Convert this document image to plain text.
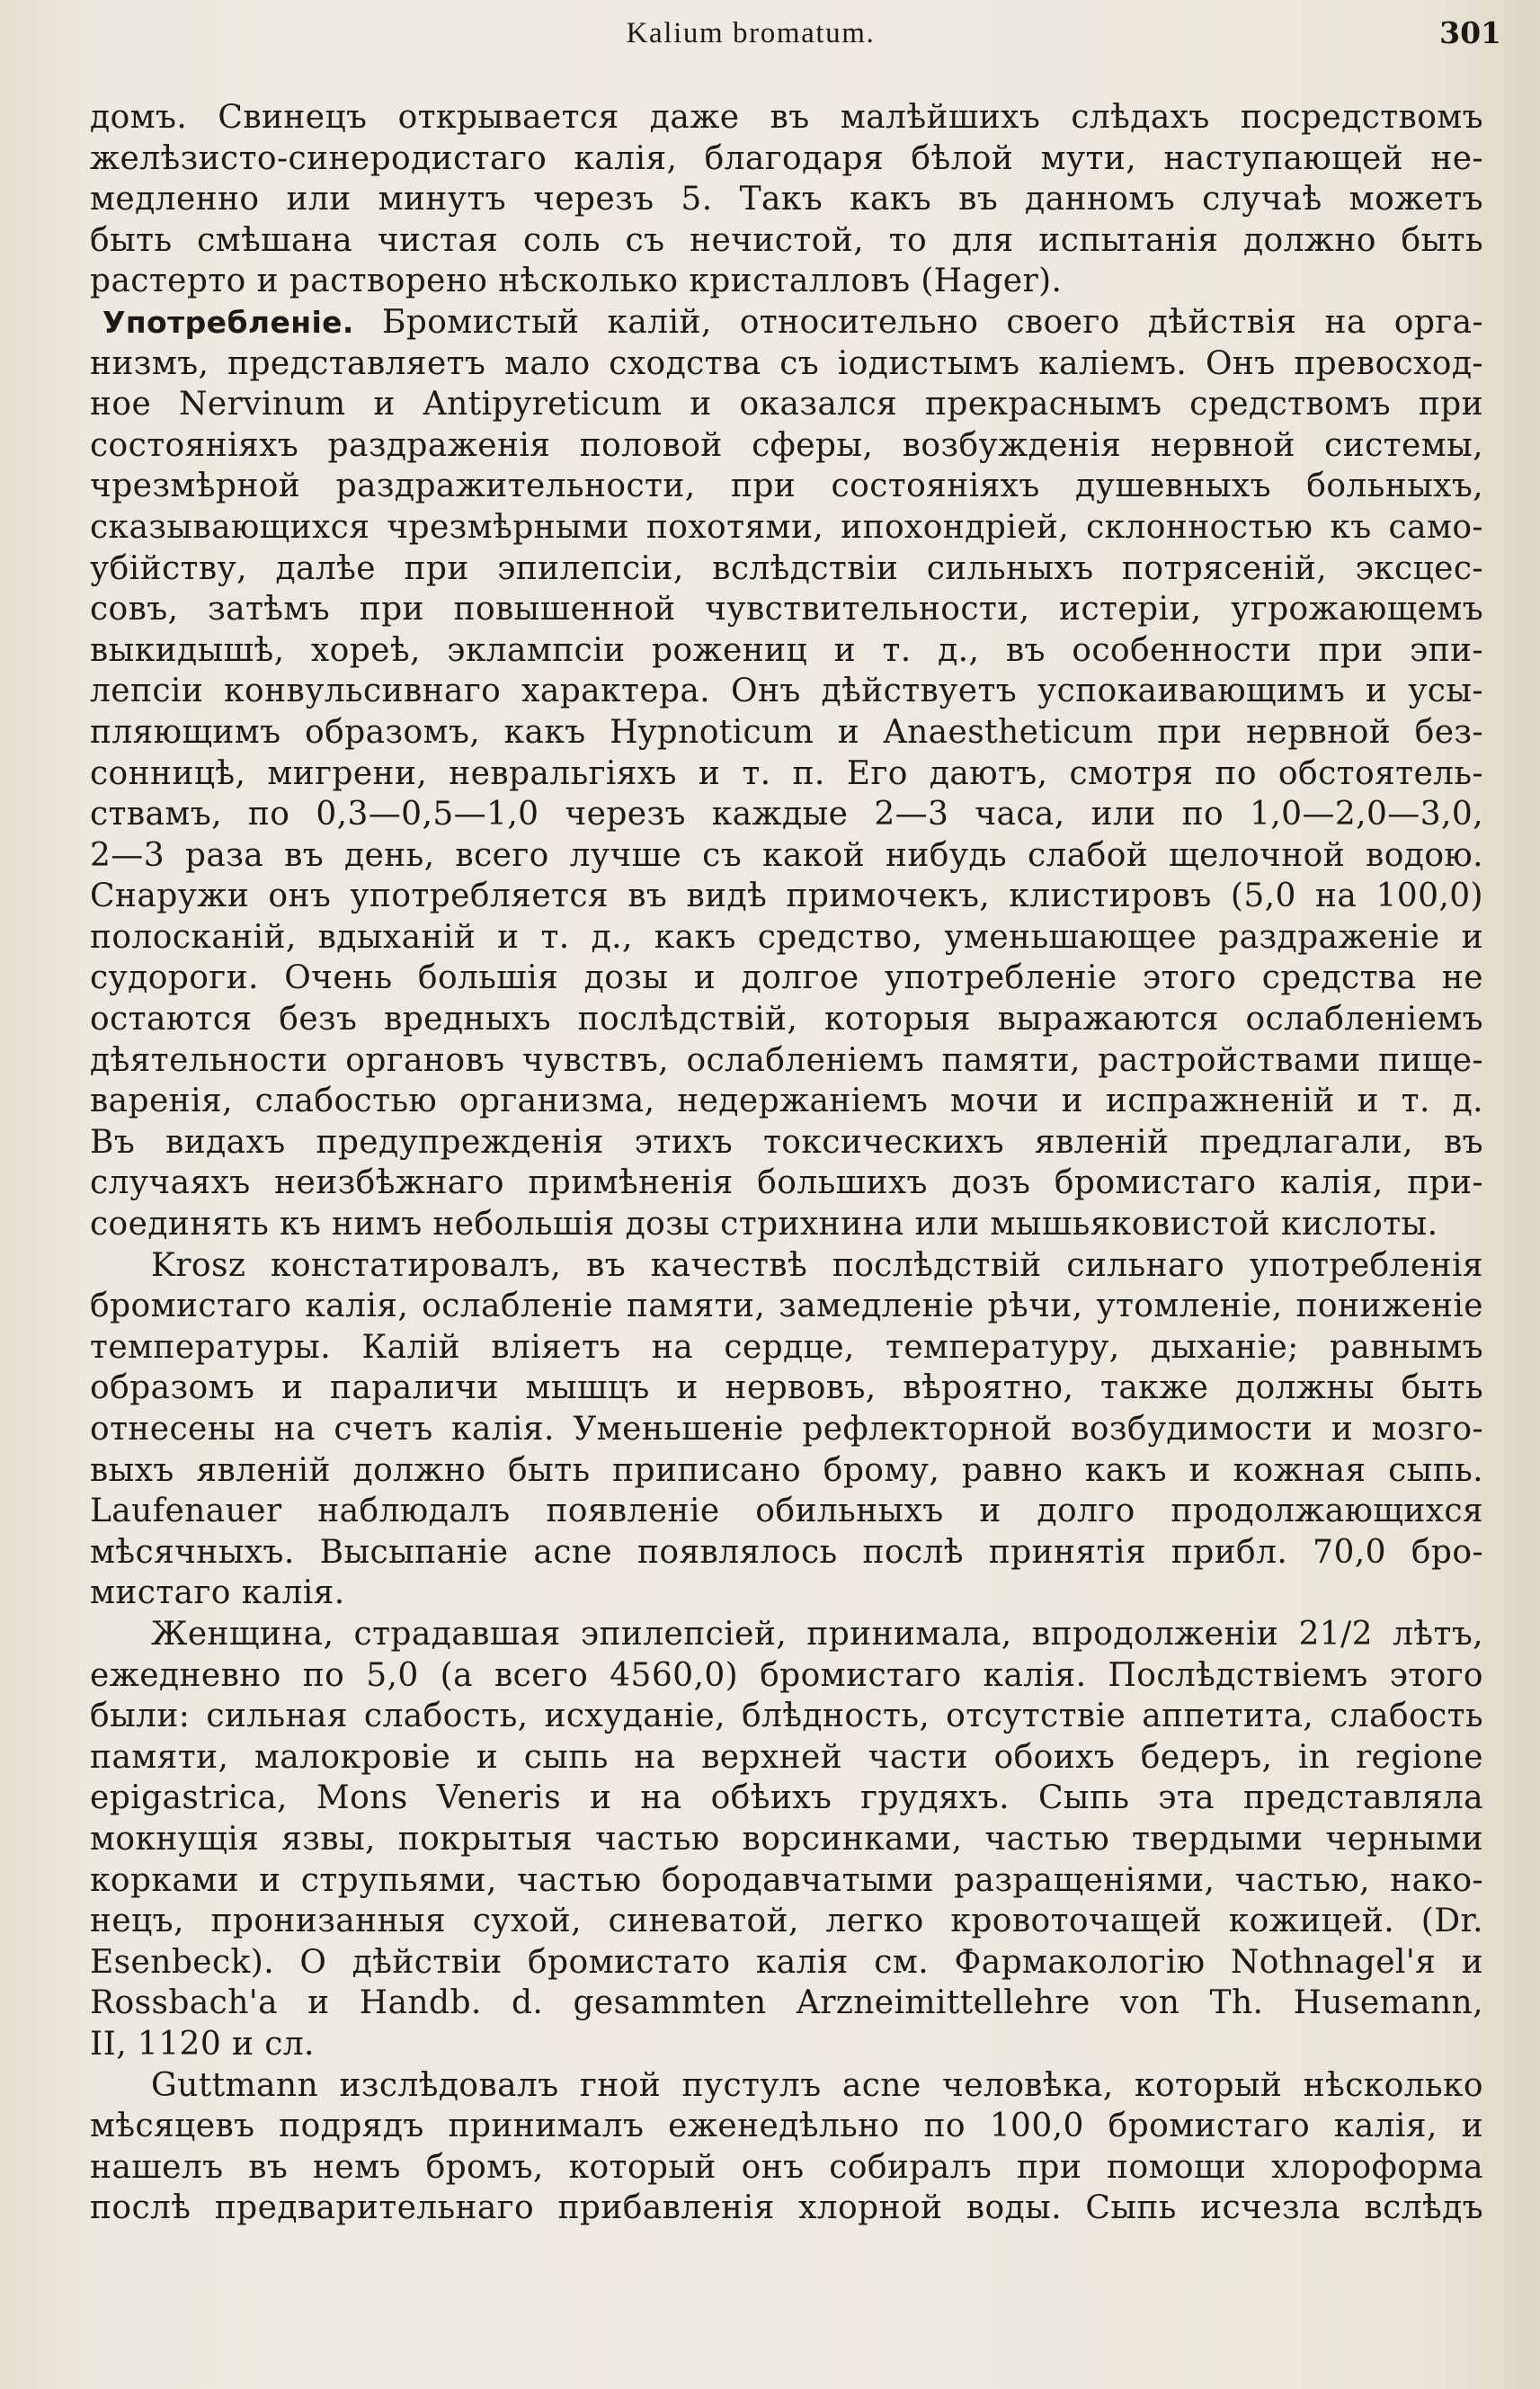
Kalium bromatum.	301
домъ. Свинецъ открывается даже въ малѣйшихъ слѣдахъ посредствомъ
желѣзисто-синеродистаго калія, благодаря бѣлой мути, наступающей не-
медленно или минутъ черезъ 5. Такъ какъ въ данномъ случаѣ можетъ
быть смѣшана чистая соль съ нечистой, то для испытанія должно быть
растерто и растворено нѣсколько кристалловъ (Hager).
Употребленіе. Бромистый калій, относительно своего дѣйствія на орга-
низмъ, представляетъ мало сходства съ іодистымъ каліемъ. Онъ превосход-
ное Nervinum и Antipyreticum и оказался прекраснымъ средствомъ при
состояніяхъ раздраженія половой сферы, возбужденія нервной системы,
чрезмѣрной раздражительности, при состояніяхъ душевныхъ больныхъ,
сказывающихся чрезмѣрными похотями, ипохондріей, склонностью къ само-
убійству, далѣе при эпилепсіи, вслѣдствіи сильныхъ потрясеній, эксцес-
совъ, затѣмъ при повышенной чувствительности, истеріи, угрожающемъ
выкидышѣ, хореѣ, эклампсіи рожениц и т. д., въ особенности при эпи-
лепсіи конвульсивнаго характера. Онъ дѣйствуетъ успокаивающимъ и усы-
пляющимъ образомъ, какъ Hypnoticum и Anaestheticum при нервной без-
сонницѣ, мигрени, невральгіяхъ и т. п. Его даютъ, смотря по обстоятель-
ствамъ, по 0,3—0,5—1,0 черезъ каждые 2—3 часа, или по 1,0—2,0—3,0,
2—3 раза въ день, всего лучше съ какой нибудь слабой щелочной водою.
Снаружи онъ употребляется въ видѣ примочекъ, клистировъ (5,0 на 100,0)
полосканій, вдыханій и т. д., какъ средство, уменьшающее раздраженіе и
судороги. Очень большія дозы и долгое употребленіе этого средства не
остаются безъ вредныхъ послѣдствій, которыя выражаются ослабленіемъ
дѣятельности органовъ чувствъ, ослабленіемъ памяти, растройствами пище-
варенія, слабостью организма, недержаніемъ мочи и испражненій и т. д.
Въ видахъ предупрежденія этихъ токсическихъ явленій предлагали, въ
случаяхъ неизбѣжнаго примѣненія большихъ дозъ бромистаго калія, при-
соединять къ нимъ небольшія дозы стрихнина или мышьяковистой кислоты.
Krosz констатировалъ, въ качествѣ послѣдствій сильнаго употребленія
бромистаго калія, ослабленіе памяти, замедленіе рѣчи, утомленіе, пониженіе
температуры. Калій вліяетъ на сердце, температуру, дыханіе; равнымъ
образомъ и параличи мышцъ и нервовъ, вѣроятно, также должны быть
отнесены на счетъ калія. Уменьшеніе рефлекторной возбудимости и мозго-
выхъ явленій должно быть приписано брому, равно какъ и кожная сыпь.
Laufenauer наблюдалъ появленіе обильныхъ и долго продолжающихся
мѣсячныхъ. Высыпаніе acne появлялось послѣ принятія прибл. 70,0 бро-
мистаго калія.
Женщина, страдавшая эпилепсіей, принимала, впродолженіи 21/2 лѣтъ,
ежедневно по 5,0 (а всего 4560,0) бромистаго калія. Послѣдствіемъ этого
были: сильная слабость, исхуданіе, блѣдность, отсутствіе аппетита, слабость
памяти, малокровіе и сыпь на верхней части обоихъ бедеръ, in regione
epigastrica, Mons Veneris и на обѣихъ грудяхъ. Сыпь эта представляла
мокнущія язвы, покрытыя частью ворсинками, частью твердыми черными
корками и струпьями, частью бородавчатыми разращеніями, частью, нако-
нецъ, пронизанныя сухой, синеватой, легко кровоточащей кожицей. (Dr.
Esenbeck). О дѣйствіи бромистато калія см. Фармакологію Nothnagel'я и
Rossbach'а и Handb. d. gesammten Arzneimittellehre von Th. Husemann,
II, 1120 и сл.
Guttmann изслѣдовалъ гной пустулъ acne человѣка, который нѣсколько
мѣсяцевъ подрядъ принималъ еженедѣльно по 100,0 бромистаго калія, и
нашелъ въ немъ бромъ, который онъ собиралъ при помощи хлороформа
послѣ предварительнаго прибавленія хлорной воды. Сыпь исчезла вслѣдъ
